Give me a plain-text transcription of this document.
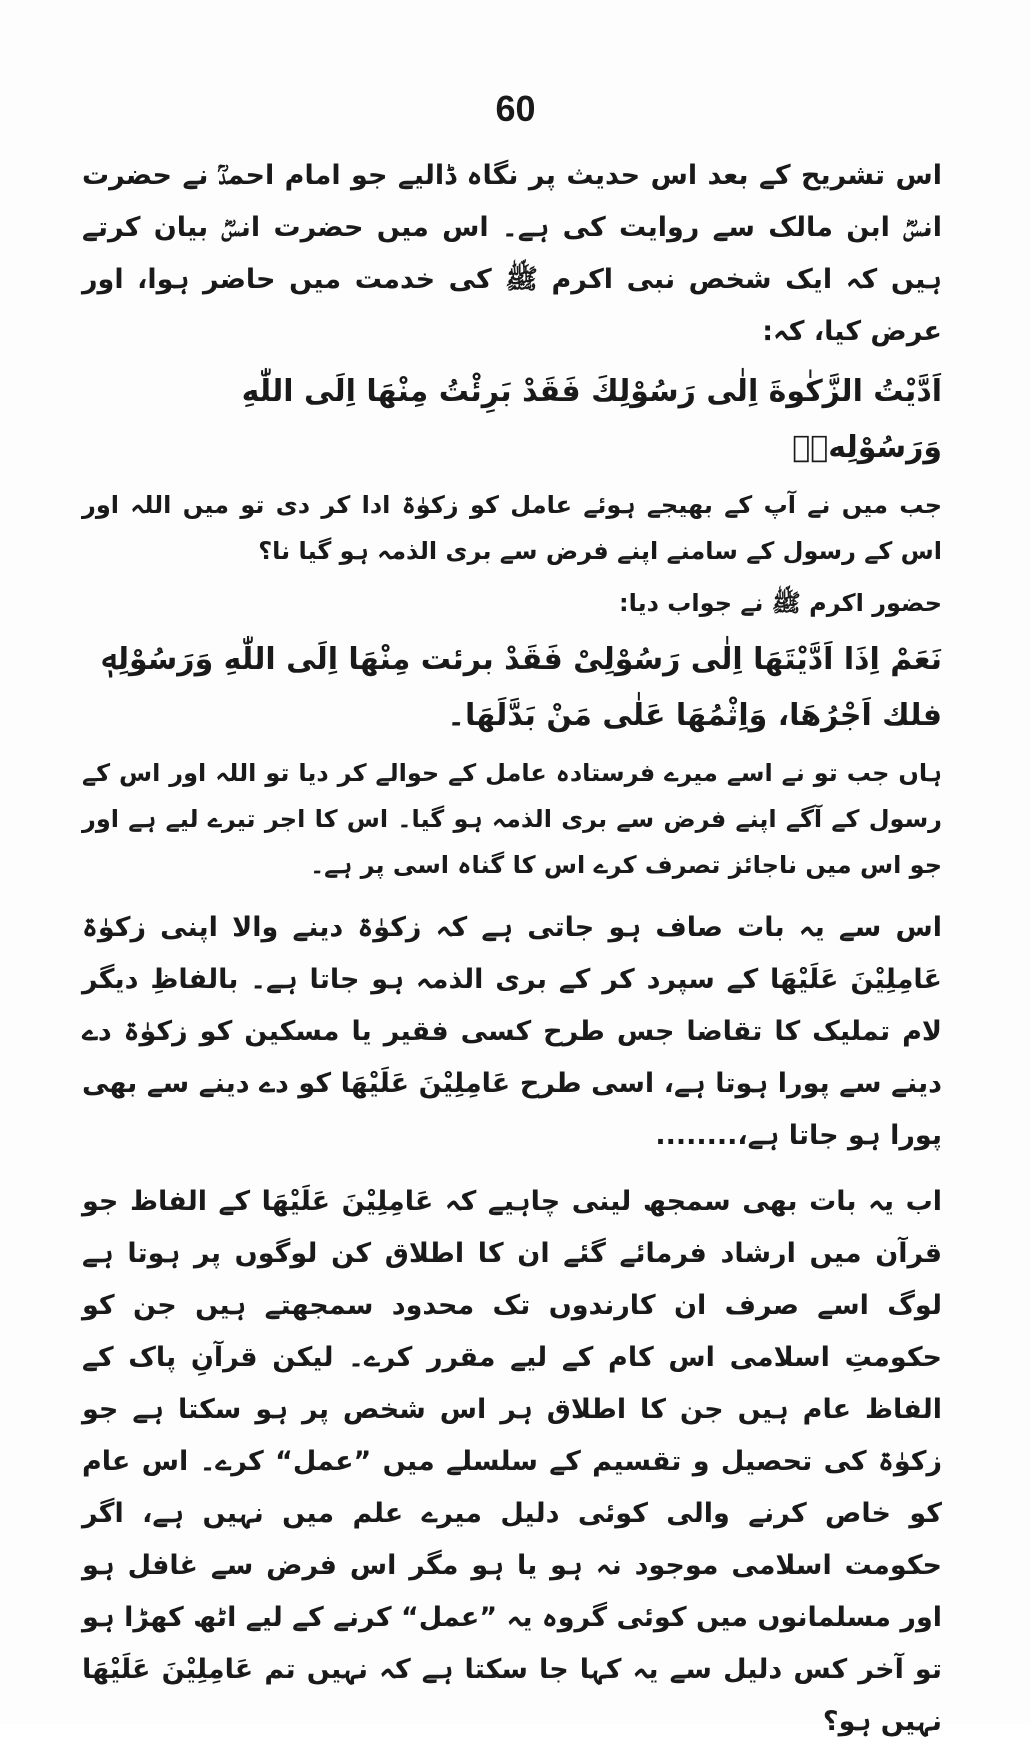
60

اس تشریح کے بعد اس حدیث پر نگاہ ڈالیے جو امام احمدؒ نے حضرت انسؓ ابن مالک سے روایت کی ہے۔ اس میں حضرت انسؓ بیان کرتے ہیں کہ ایک شخص نبی اکرم ﷺ کی خدمت میں حاضر ہوا، اور عرض کیا، کہ:

اَدَّيْتُ الزَّكٰوةَ اِلٰى رَسُوْلِكَ فَقَدْ بَرِئْتُ مِنْهَا اِلَى اللّٰهِ وَرَسُوْلِهٖ۔

جب میں نے آپ کے بھیجے ہوئے عامل کو زکوٰۃ ادا کر دی تو میں اللہ اور اس کے رسول کے سامنے اپنے فرض سے بری الذمہ ہو گیا نا؟

حضور اکرم ﷺ نے جواب دیا:

نَعَمْ اِذَا اَدَّيْتَهَا اِلٰى رَسُوْلِىْ فَقَدْ برئت مِنْهَا اِلَى اللّٰهِ وَرَسُوْلِهٖ فلك اَجْرُهَا، وَاِثْمُهَا عَلٰى مَنْ بَدَّلَهَا۔

ہاں جب تو نے اسے میرے فرستادہ عامل کے حوالے کر دیا تو اللہ اور اس کے رسول کے آگے اپنے فرض سے بری الذمہ ہو گیا۔ اس کا اجر تیرے لیے ہے اور جو اس میں ناجائز تصرف کرے اس کا گناہ اسی پر ہے۔

اس سے یہ بات صاف ہو جاتی ہے کہ زکوٰۃ دینے والا اپنی زکوٰۃ عَامِلِیْنَ عَلَیْھَا کے سپرد کر کے بری الذمہ ہو جاتا ہے۔ بالفاظِ دیگر لام تملیک کا تقاضا جس طرح کسی فقیر یا مسکین کو زکوٰۃ دے دینے سے پورا ہوتا ہے، اسی طرح عَامِلِیْنَ عَلَیْھَا کو دے دینے سے بھی پورا ہو جاتا ہے،........

اب یہ بات بھی سمجھ لینی چاہیے کہ عَامِلِیْنَ عَلَیْھَا کے الفاظ جو قرآن میں ارشاد فرمائے گئے ان کا اطلاق کن لوگوں پر ہوتا ہے لوگ اسے صرف ان کارندوں تک محدود سمجھتے ہیں جن کو حکومتِ اسلامی اس کام کے لیے مقرر کرے۔ لیکن قرآنِ پاک کے الفاظ عام ہیں جن کا اطلاق ہر اس شخص پر ہو سکتا ہے جو زکوٰۃ کی تحصیل و تقسیم کے سلسلے میں ”عمل“ کرے۔ اس عام کو خاص کرنے والی کوئی دلیل میرے علم میں نہیں ہے، اگر حکومت اسلامی موجود نہ ہو یا ہو مگر اس فرض سے غافل ہو اور مسلمانوں میں کوئی گروہ یہ ”عمل“ کرنے کے لیے اٹھ کھڑا ہو تو آخر کس دلیل سے یہ کہا جا سکتا ہے کہ نہیں تم عَامِلِیْنَ عَلَیْھَا نہیں ہو؟
